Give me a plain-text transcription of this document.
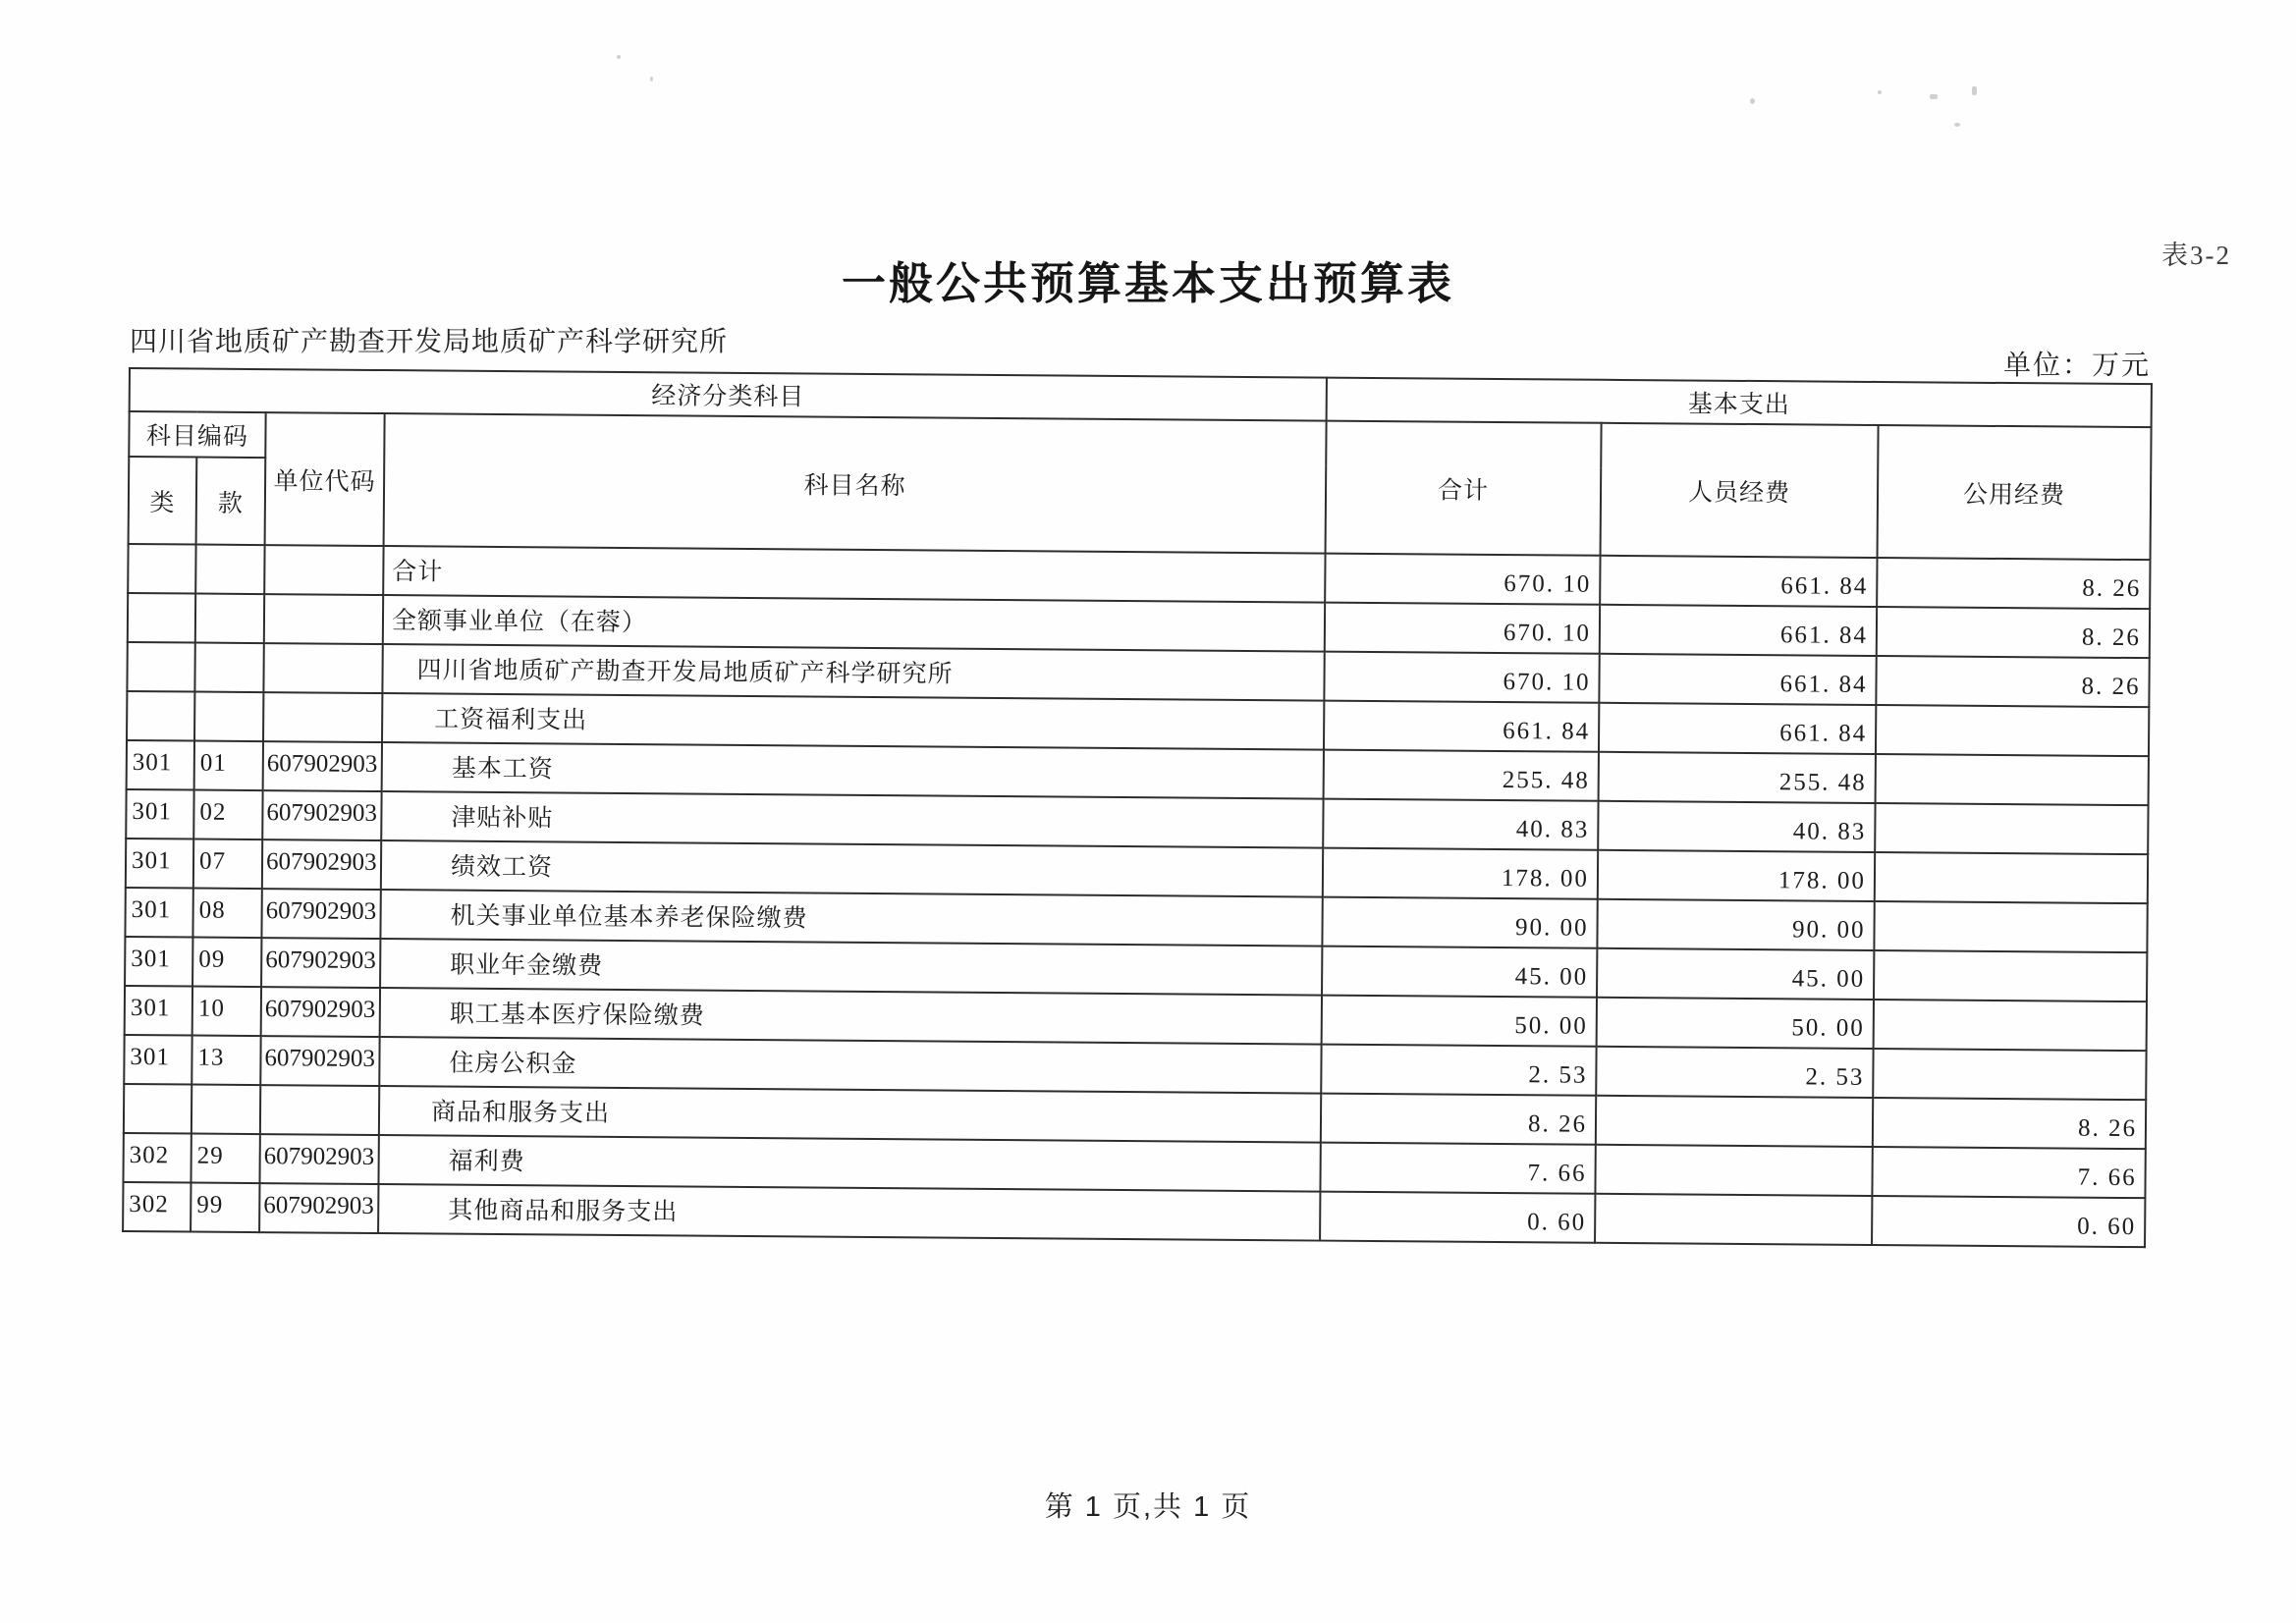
表3-2
一般公共预算基本支出预算表
四川省地质矿产勘查开发局地质矿产科学研究所
单位：万元
经济分类科目				基本支出		
科目编码		单位代码	科目名称	合计	人员经费	公用经费
类	款					
			合计	670. 10	661. 84	8. 26
			全额事业单位（在蓉）	670. 10	661. 84	8. 26
			四川省地质矿产勘查开发局地质矿产科学研究所	670. 10	661. 84	8. 26
			工资福利支出	661. 84	661. 84	
301	01	607902903	基本工资	255. 48	255. 48	
301	02	607902903	津贴补贴	40. 83	40. 83	
301	07	607902903	绩效工资	178. 00	178. 00	
301	08	607902903	机关事业单位基本养老保险缴费	90. 00	90. 00	
301	09	607902903	职业年金缴费	45. 00	45. 00	
301	10	607902903	职工基本医疗保险缴费	50. 00	50. 00	
301	13	607902903	住房公积金	2. 53	2. 53	
			商品和服务支出	8. 26		8. 26
302	29	607902903	福利费	7. 66		7. 66
302	99	607902903	其他商品和服务支出	0. 60		0. 60
第 1 页,共 1 页
